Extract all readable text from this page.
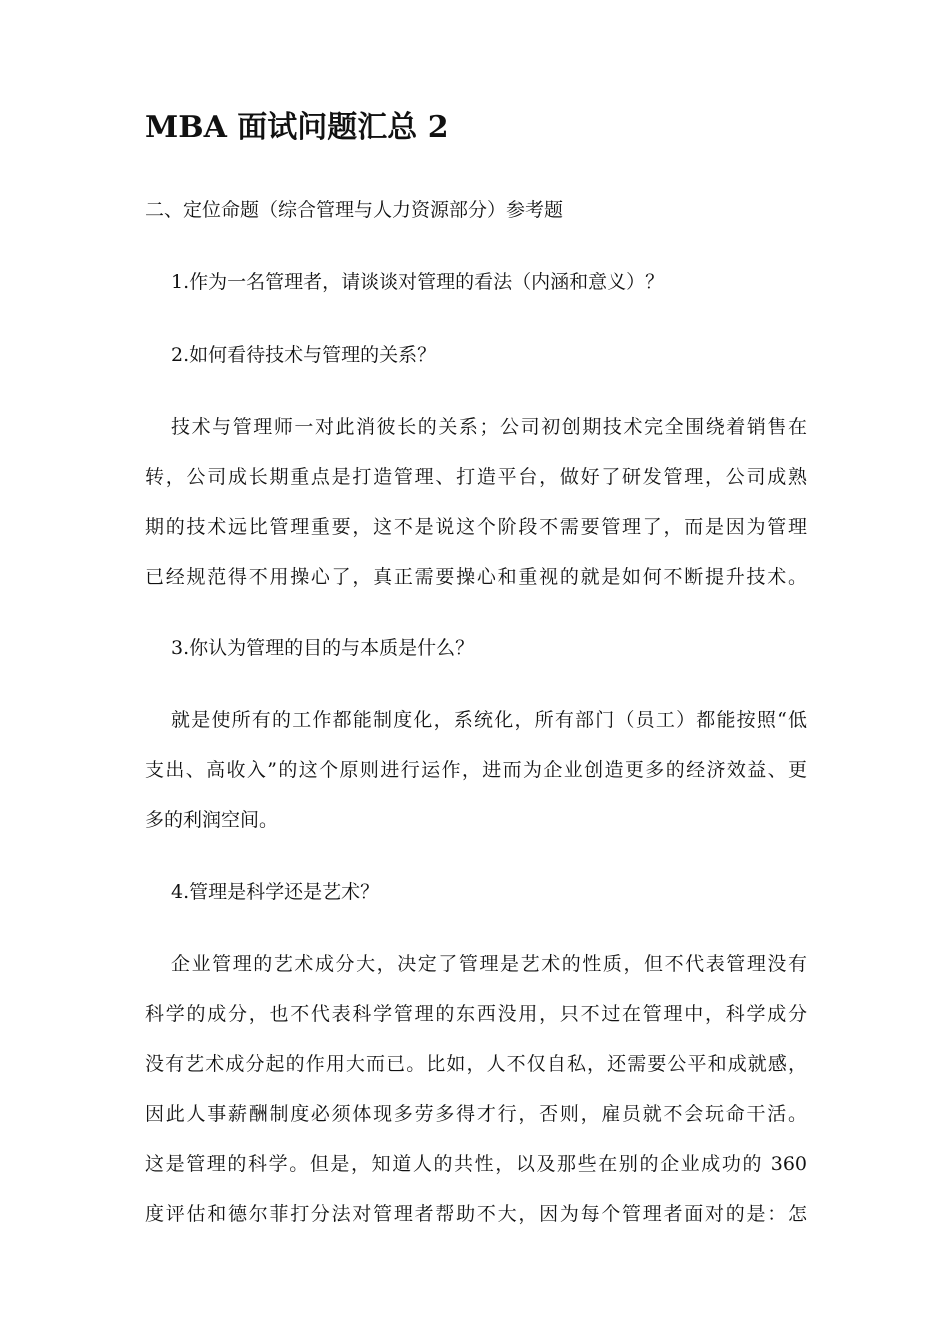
MBA 面试问题汇总 2

二、定位命题（综合管理与人力资源部分）参考题

1.作为一名管理者，请谈谈对管理的看法（内涵和意义）？

2.如何看待技术与管理的关系？

技术与管理师一对此消彼长的关系；公司初创期技术完全围绕着销售在

转，公司成长期重点是打造管理、打造平台，做好了研发管理，公司成熟

期的技术远比管理重要，这不是说这个阶段不需要管理了，而是因为管理

已经规范得不用操心了，真正需要操心和重视的就是如何不断提升技术。

3.你认为管理的目的与本质是什么？

就是使所有的工作都能制度化，系统化，所有部门（员工）都能按照“低

支出、高收入”的这个原则进行运作，进而为企业创造更多的经济效益、更

多的利润空间。

4.管理是科学还是艺术？

企业管理的艺术成分大，决定了管理是艺术的性质，但不代表管理没有

科学的成分，也不代表科学管理的东西没用，只不过在管理中，科学成分

没有艺术成分起的作用大而已。比如，人不仅自私，还需要公平和成就感，

因此人事薪酬制度必须体现多劳多得才行，否则，雇员就不会玩命干活。

这是管理的科学。但是，知道人的共性，以及那些在别的企业成功的 360

度评估和德尔菲打分法对管理者帮助不大，因为每个管理者面对的是：怎
